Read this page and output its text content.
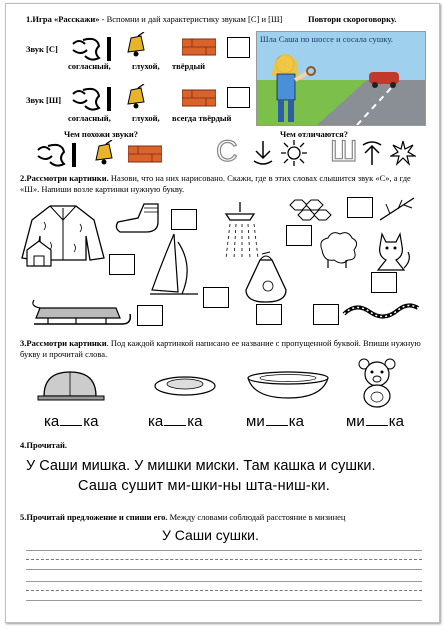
1.Игра «Расскажи» - Вспомни и дай характеристику звукам [С] и [Ш]	Повтори скороговорку.
Звук [С]
согласный, глухой, твёрдый
Звук [Ш]
согласный, глухой, всегда твёрдый
Шла Саша по шоссе и сосала сушку.
Чем похожи звуки?	Чем отличаются?
С	Ш
2.Рассмотри картинки. Назови, что на них нарисовано. Скажи, где в этих словах слышится звук «С», а где «Ш». Напиши возле картинки нужную букву.
3.Рассмотри картинки. Под каждой картинкой написано ее название с пропущенной буквой. Впиши нужную букву и прочитай слова.
ка ка	ка ка	ми ка	ми ка
4.Прочитай.
У Саши мишка. У мишки миски. Там кашка и сушки.
Саша сушит ми-шки-ны шта-ниш-ки.
5.Прочитай предложение и спиши его. Между словами соблюдай расстояние в мизинец
У Саши сушки.
